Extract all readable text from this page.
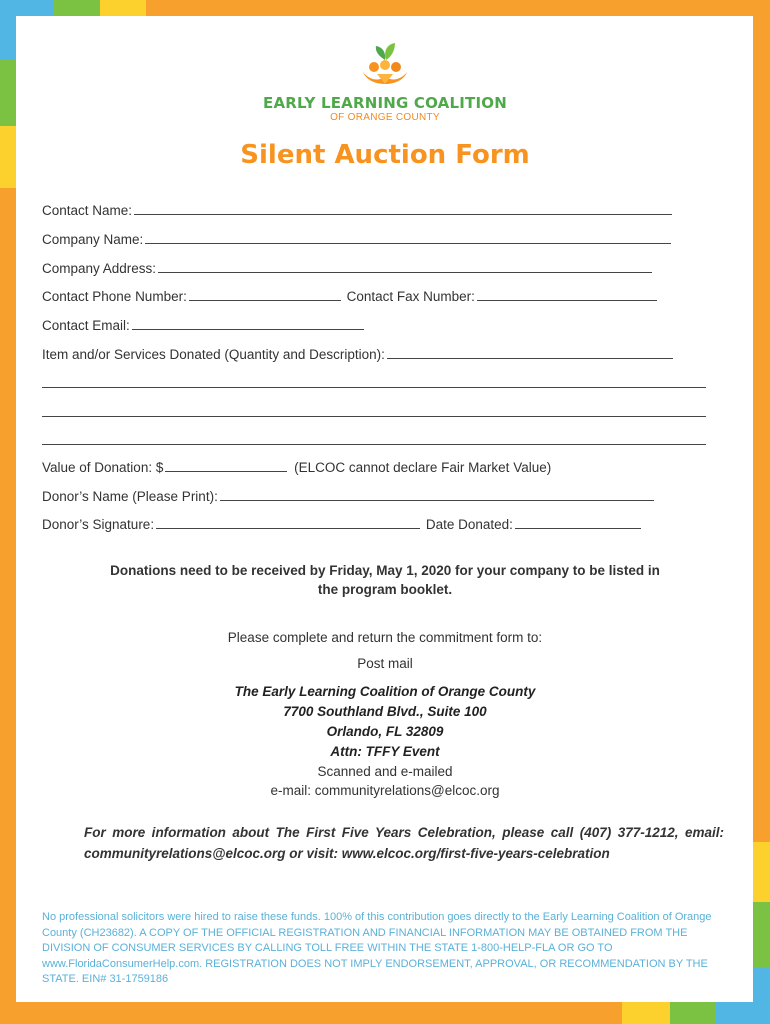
EARLY LEARNING COALITION
OF ORANGE COUNTY
Silent Auction Form
Contact Name:
Company Name:
Company Address:
Contact Phone Number:	Contact Fax Number:
Contact Email:
Item and/or Services Donated (Quantity and Description):
Value of Donation: $	(ELCOC cannot declare Fair Market Value)
Donor’s Name (Please Print):
Donor’s Signature:	Date Donated:
Donations need to be received by Friday, May 1, 2020 for your company to be listed in the program booklet.
Please complete and return the commitment form to:
Post mail
The Early Learning Coalition of Orange County
7700 Southland Blvd., Suite 100
Orlando, FL 32809
Attn: TFFY Event
Scanned and e-mailed
e-mail: communityrelations@elcoc.org
For more information about The First Five Years Celebration, please call (407) 377-1212, email: communityrelations@elcoc.org or visit: www.elcoc.org/first-five-years-celebration
No professional solicitors were hired to raise these funds. 100% of this contribution goes directly to the Early Learning Coalition of Orange County (CH23682). A COPY OF THE OFFICIAL REGISTRATION AND FINANCIAL INFORMATION MAY BE OBTAINED FROM THE DIVISION OF CONSUMER SERVICES BY CALLING TOLL FREE WITHIN THE STATE 1-800-HELP-FLA OR GO TO www.FloridaConsumerHelp.com. REGISTRATION DOES NOT IMPLY ENDORSEMENT, APPROVAL, OR RECOMMENDATION BY THE STATE. EIN# 31-1759186
